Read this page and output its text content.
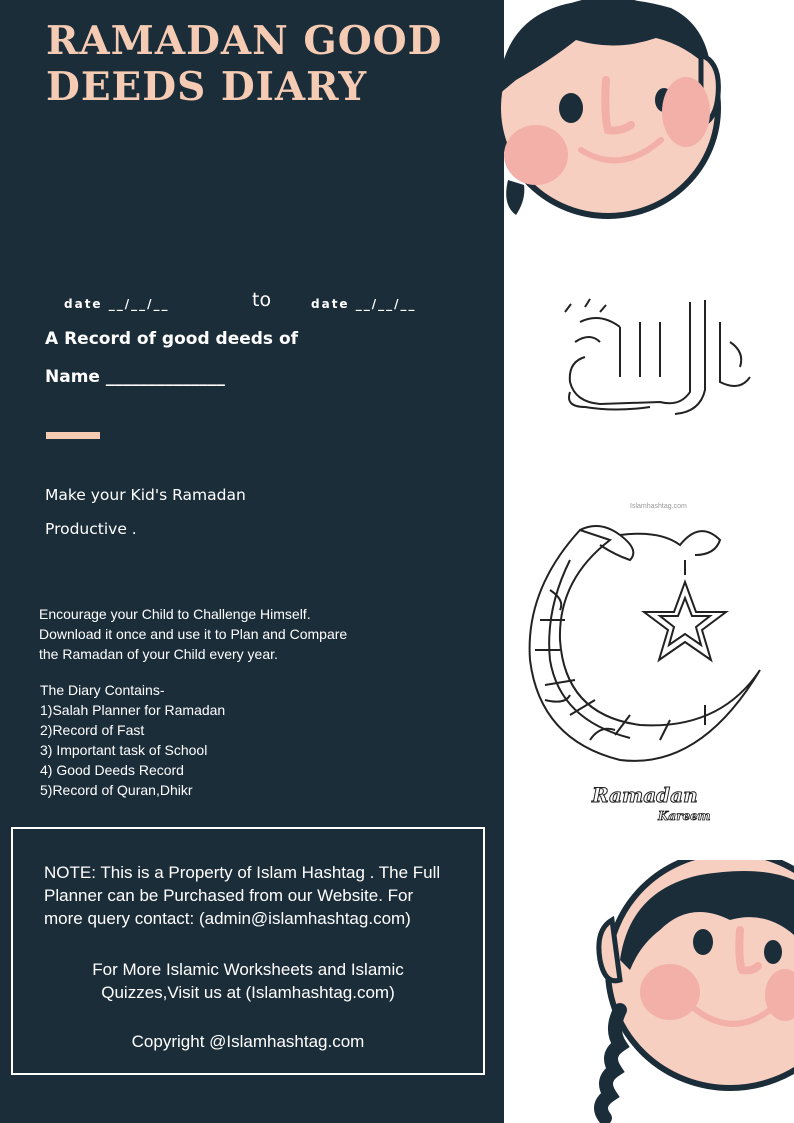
RAMADAN GOOD DEEDS DIARY
date __/__/__	to	date __/__/__
A Record of good deeds of
Name ______________
Make your Kid's Ramadan
Productive .
Encourage your Child to Challenge Himself.
Download it once and use it to Plan and Compare
the Ramadan of your Child every year.
The Diary Contains-
1)Salah Planner for Ramadan
2)Record of Fast
3) Important task of School
4) Good Deeds Record
5)Record of Quran,Dhikr
NOTE: This is a Property of Islam Hashtag . The Full
Planner can be Purchased from our Website. For
more query contact: (admin@islamhashtag.com)
For More Islamic Worksheets and Islamic
Quizzes,Visit us at (Islamhashtag.com)
Copyright @Islamhashtag.com
Islamhashtag.com
Ramadan
Kareem
